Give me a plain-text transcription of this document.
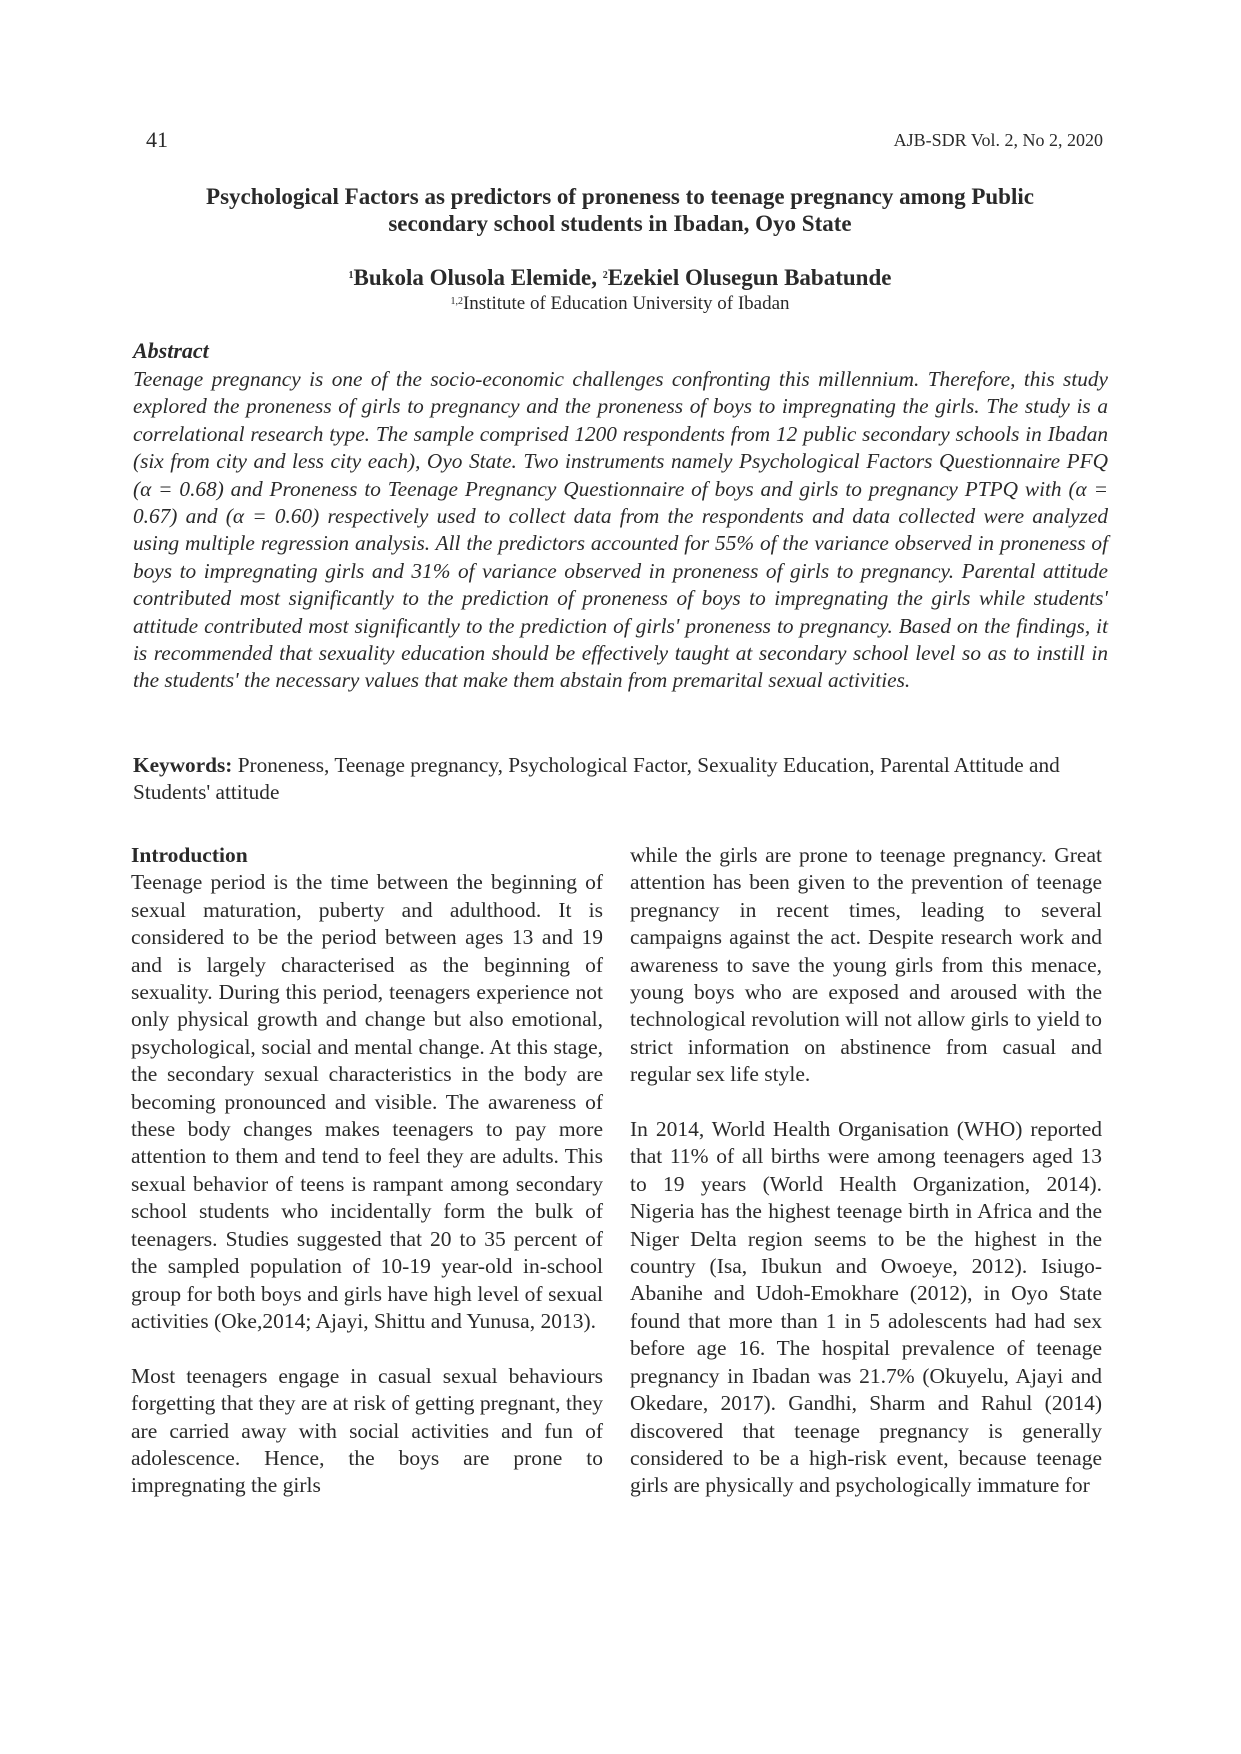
41	AJB-SDR Vol. 2, No 2, 2020
Psychological Factors as predictors of proneness to teenage pregnancy among Public
secondary school students in Ibadan, Oyo State
$^1$Bukola Olusola Elemide, $^2$Ezekiel Olusegun Babatunde
$^{1,2}$Institute of Education University of Ibadan
Abstract
Teenage pregnancy is one of the socio-economic challenges confronting this millennium. Therefore, this study explored the proneness of girls to pregnancy and the proneness of boys to impregnating the girls. The study is a correlational research type. The sample comprised 1200 respondents from 12 public secondary schools in Ibadan (six from city and less city each), Oyo State. Two instruments namely Psychological Factors Questionnaire PFQ (α = 0.68) and Proneness to Teenage Pregnancy Questionnaire of boys and girls to pregnancy PTPQ with (α = 0.67) and (α = 0.60) respectively used to collect data from the respondents and data collected were analyzed using multiple regression analysis. All the predictors accounted for 55% of the variance observed in proneness of boys to impregnating girls and 31% of variance observed in proneness of girls to pregnancy. Parental attitude contributed most significantly to the prediction of proneness of boys to impregnating the girls while students' attitude contributed most significantly to the prediction of girls' proneness to pregnancy. Based on the findings, it is recommended that sexuality education should be effectively taught at secondary school level so as to instill in the students' the necessary values that make them abstain from premarital sexual activities.
Keywords: Proneness, Teenage pregnancy, Psychological Factor, Sexuality Education, Parental Attitude and Students' attitude

Introduction

Teenage period is the time between the beginning of sexual maturation, puberty and adulthood. It is considered to be the period between ages 13 and 19 and is largely characterised as the beginning of sexuality. During this period, teenagers experience not only physical growth and change but also emotional, psychological, social and mental change. At this stage, the secondary sexual characteristics in the body are becoming pronounced and visible. The awareness of these body changes makes teenagers to pay more attention to them and tend to feel they are adults. This sexual behavior of teens is rampant among secondary school students who incidentally form the bulk of teenagers. Studies suggested that 20 to 35 percent of the sampled population of 10-19 year-old in-school group for both boys and girls have high level of sexual activities (Oke,2014; Ajayi, Shittu and Yunusa, 2013).

Most teenagers engage in casual sexual behaviours forgetting that they are at risk of getting pregnant, they are carried away with social activities and fun of adolescence. Hence, the boys are prone to impregnating the girls

while the girls are prone to teenage pregnancy. Great attention has been given to the prevention of teenage pregnancy in recent times, leading to several campaigns against the act. Despite research work and awareness to save the young girls from this menace, young boys who are exposed and aroused with the technological revolution will not allow girls to yield to strict information on abstinence from casual and regular sex life style.

In 2014, World Health Organisation (WHO) reported that 11% of all births were among teenagers aged 13 to 19 years (World Health Organization, 2014). Nigeria has the highest teenage birth in Africa and the Niger Delta region seems to be the highest in the country (Isa, Ibukun and Owoeye, 2012). Isiugo-Abanihe and Udoh-Emokhare (2012), in Oyo State found that more than 1 in 5 adolescents had had sex before age 16. The hospital prevalence of teenage pregnancy in Ibadan was 21.7% (Okuyelu, Ajayi and Okedare, 2017). Gandhi, Sharm and Rahul (2014) discovered that teenage pregnancy is generally considered to be a high-risk event, because teenage girls are physically and psychologically immature for
